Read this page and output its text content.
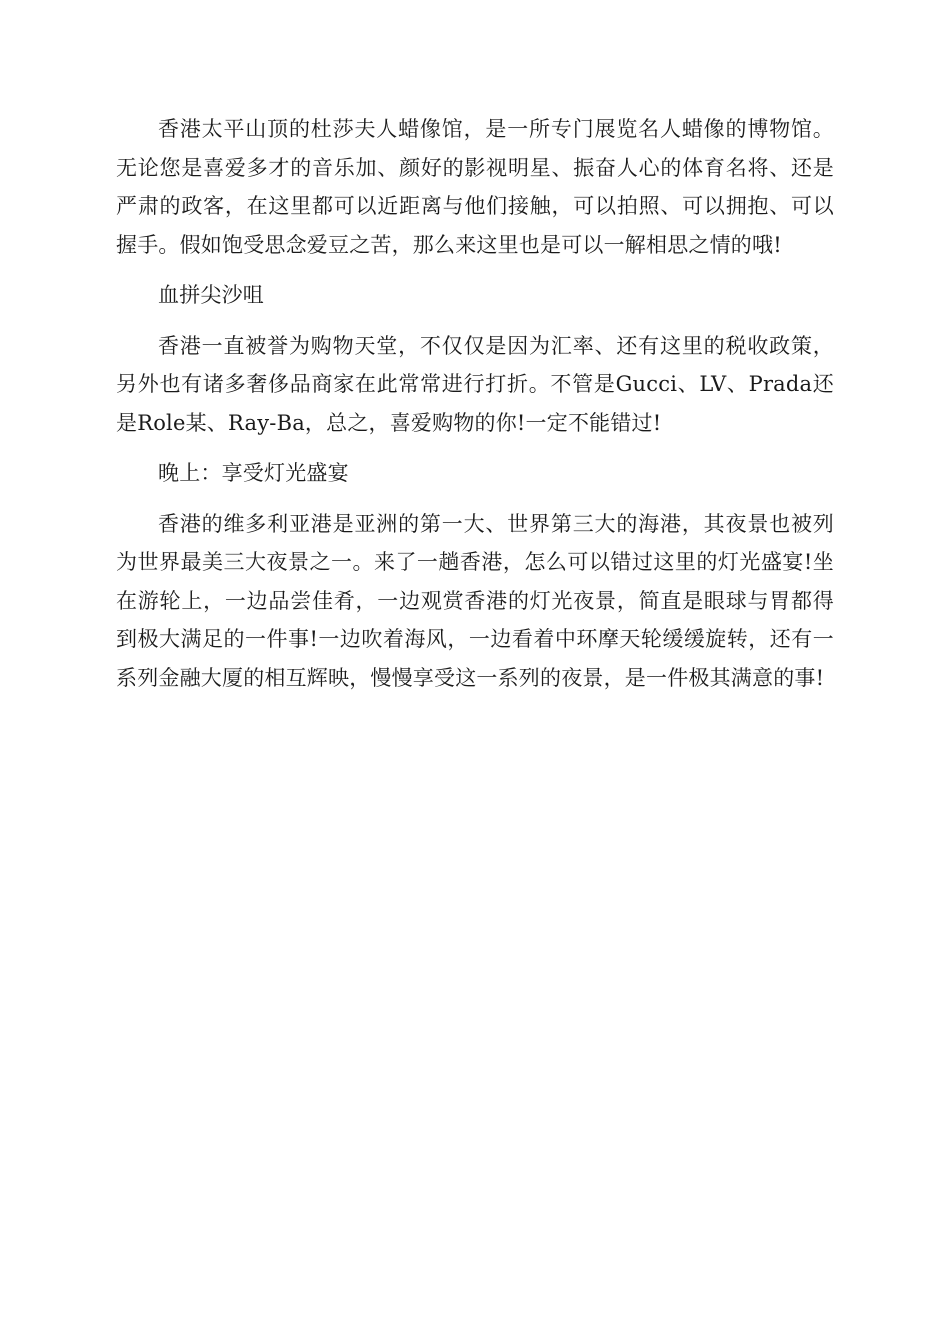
香港太平山顶的杜莎夫人蜡像馆，是一所专门展览名人蜡像的博物馆。无论您是喜爱多才的音乐加、颜好的影视明星、振奋人心的体育名将、还是严肃的政客，在这里都可以近距离与他们接触，可以拍照、可以拥抱、可以握手。假如饱受思念爱豆之苦，那么来这里也是可以一解相思之情的哦!

血拼尖沙咀

香港一直被誉为购物天堂，不仅仅是因为汇率、还有这里的税收政策，另外也有诸多奢侈品商家在此常常进行打折。不管是Gucci、LV、Prada还是Role某、Ray-Ba，总之，喜爱购物的你!一定不能错过!

晚上：享受灯光盛宴

香港的维多利亚港是亚洲的第一大、世界第三大的海港，其夜景也被列为世界最美三大夜景之一。来了一趟香港，怎么可以错过这里的灯光盛宴!坐在游轮上，一边品尝佳肴，一边观赏香港的灯光夜景，简直是眼球与胃都得到极大满足的一件事!一边吹着海风，一边看着中环摩天轮缓缓旋转，还有一系列金融大厦的相互辉映，慢慢享受这一系列的夜景，是一件极其满意的事!
